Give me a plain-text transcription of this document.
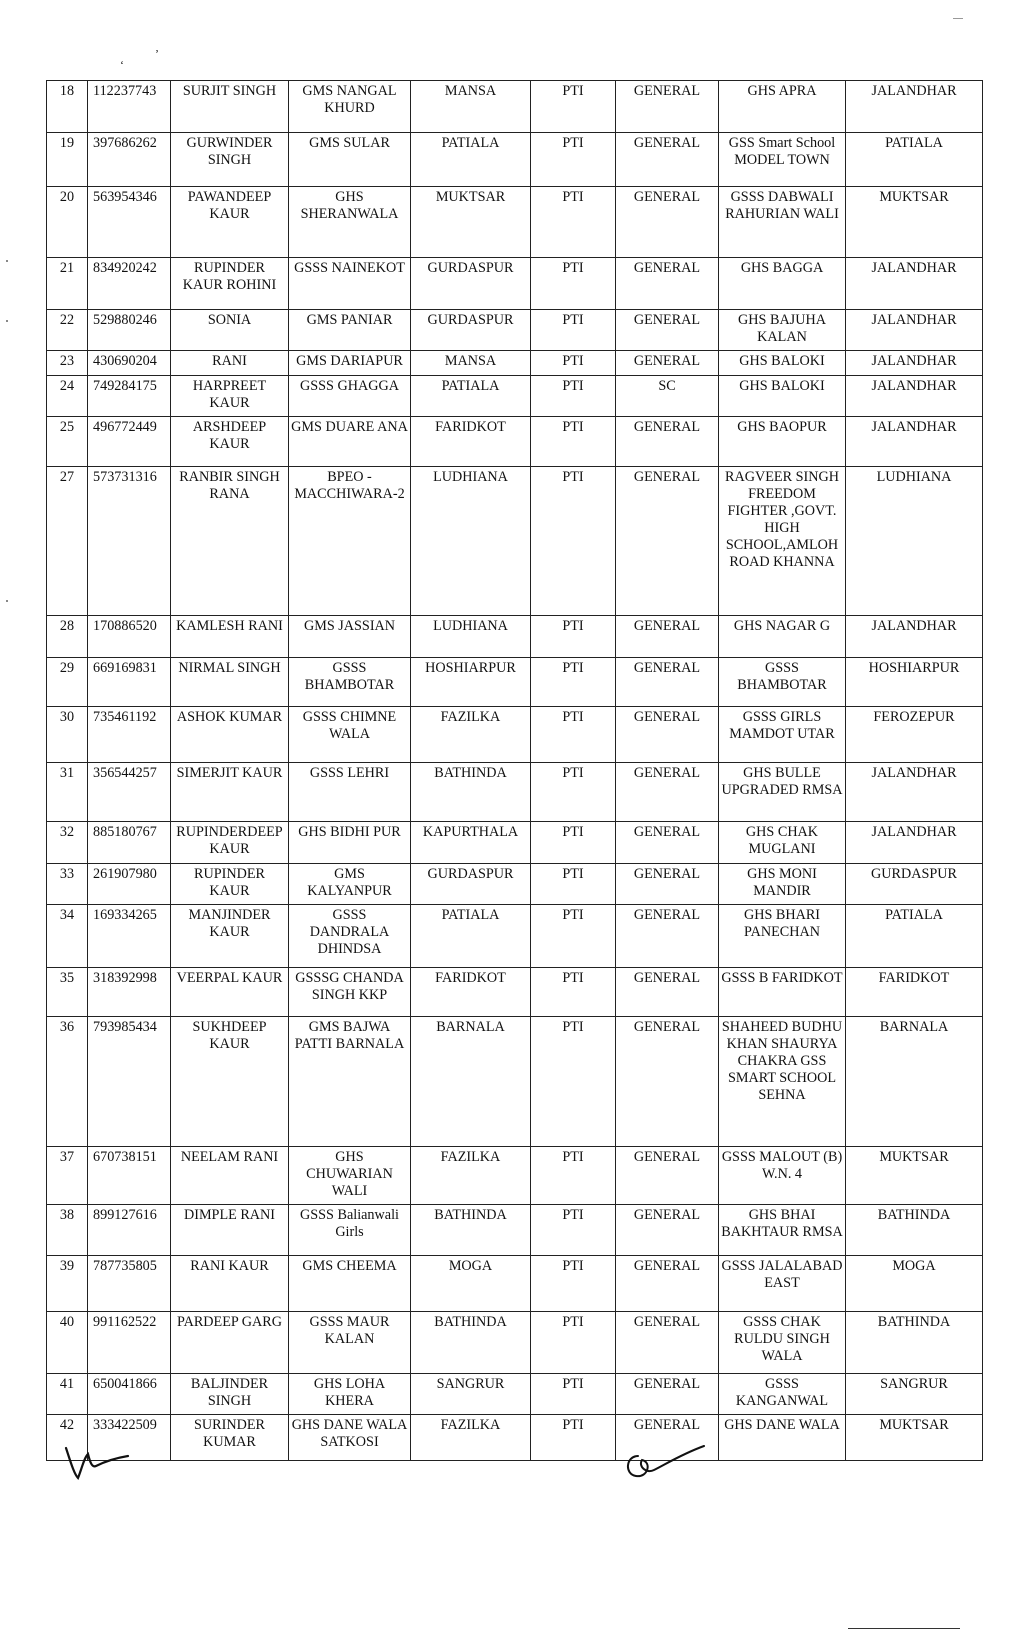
‚
‘
18	112237743	SURJIT SINGH	GMS NANGAL KHURD	MANSA	PTI	GENERAL	GHS APRA	JALANDHAR
19	397686262	GURWINDER SINGH	GMS SULAR	PATIALA	PTI	GENERAL	GSS Smart School MODEL TOWN	PATIALA
20	563954346	PAWANDEEP KAUR	GHS SHERANWALA	MUKTSAR	PTI	GENERAL	GSSS DABWALI RAHURIAN WALI	MUKTSAR
21	834920242	RUPINDER KAUR ROHINI	GSSS NAINEKOT	GURDASPUR	PTI	GENERAL	GHS BAGGA	JALANDHAR
22	529880246	SONIA	GMS PANIAR	GURDASPUR	PTI	GENERAL	GHS BAJUHA KALAN	JALANDHAR
23	430690204	RANI	GMS DARIAPUR	MANSA	PTI	GENERAL	GHS BALOKI	JALANDHAR
24	749284175	HARPREET KAUR	GSSS GHAGGA	PATIALA	PTI	SC	GHS BALOKI	JALANDHAR
25	496772449	ARSHDEEP KAUR	GMS DUARE ANA	FARIDKOT	PTI	GENERAL	GHS BAOPUR	JALANDHAR
27	573731316	RANBIR SINGH RANA	BPEO - MACCHIWARA-2	LUDHIANA	PTI	GENERAL	RAGVEER SINGH FREEDOM FIGHTER ,GOVT. HIGH SCHOOL,AMLOH ROAD KHANNA	LUDHIANA
28	170886520	KAMLESH RANI	GMS JASSIAN	LUDHIANA	PTI	GENERAL	GHS NAGAR G	JALANDHAR
29	669169831	NIRMAL SINGH	GSSS BHAMBOTAR	HOSHIARPUR	PTI	GENERAL	GSSS BHAMBOTAR	HOSHIARPUR
30	735461192	ASHOK KUMAR	GSSS CHIMNE WALA	FAZILKA	PTI	GENERAL	GSSS GIRLS MAMDOT UTAR	FEROZEPUR
31	356544257	SIMERJIT KAUR	GSSS LEHRI	BATHINDA	PTI	GENERAL	GHS BULLE UPGRADED RMSA	JALANDHAR
32	885180767	RUPINDERDEEP KAUR	GHS BIDHI PUR	KAPURTHALA	PTI	GENERAL	GHS CHAK MUGLANI	JALANDHAR
33	261907980	RUPINDER KAUR	GMS KALYANPUR	GURDASPUR	PTI	GENERAL	GHS MONI MANDIR	GURDASPUR
34	169334265	MANJINDER KAUR	GSSS DANDRALA DHINDSA	PATIALA	PTI	GENERAL	GHS BHARI PANECHAN	PATIALA
35	318392998	VEERPAL KAUR	GSSSG CHANDA SINGH KKP	FARIDKOT	PTI	GENERAL	GSSS B FARIDKOT	FARIDKOT
36	793985434	SUKHDEEP KAUR	GMS BAJWA PATTI BARNALA	BARNALA	PTI	GENERAL	SHAHEED BUDHU KHAN SHAURYA CHAKRA GSS SMART SCHOOL SEHNA	BARNALA
37	670738151	NEELAM RANI	GHS CHUWARIAN WALI	FAZILKA	PTI	GENERAL	GSSS MALOUT (B) W.N. 4	MUKTSAR
38	899127616	DIMPLE RANI	GSSS Balianwali Girls	BATHINDA	PTI	GENERAL	GHS BHAI BAKHTAUR RMSA	BATHINDA
39	787735805	RANI KAUR	GMS CHEEMA	MOGA	PTI	GENERAL	GSSS JALALABAD EAST	MOGA
40	991162522	PARDEEP GARG	GSSS MAUR KALAN	BATHINDA	PTI	GENERAL	GSSS CHAK RULDU SINGH WALA	BATHINDA
41	650041866	BALJINDER SINGH	GHS LOHA KHERA	SANGRUR	PTI	GENERAL	GSSS KANGANWAL	SANGRUR
42	333422509	SURINDER KUMAR	GHS DANE WALA SATKOSI	FAZILKA	PTI	GENERAL	GHS DANE WALA	MUKTSAR
